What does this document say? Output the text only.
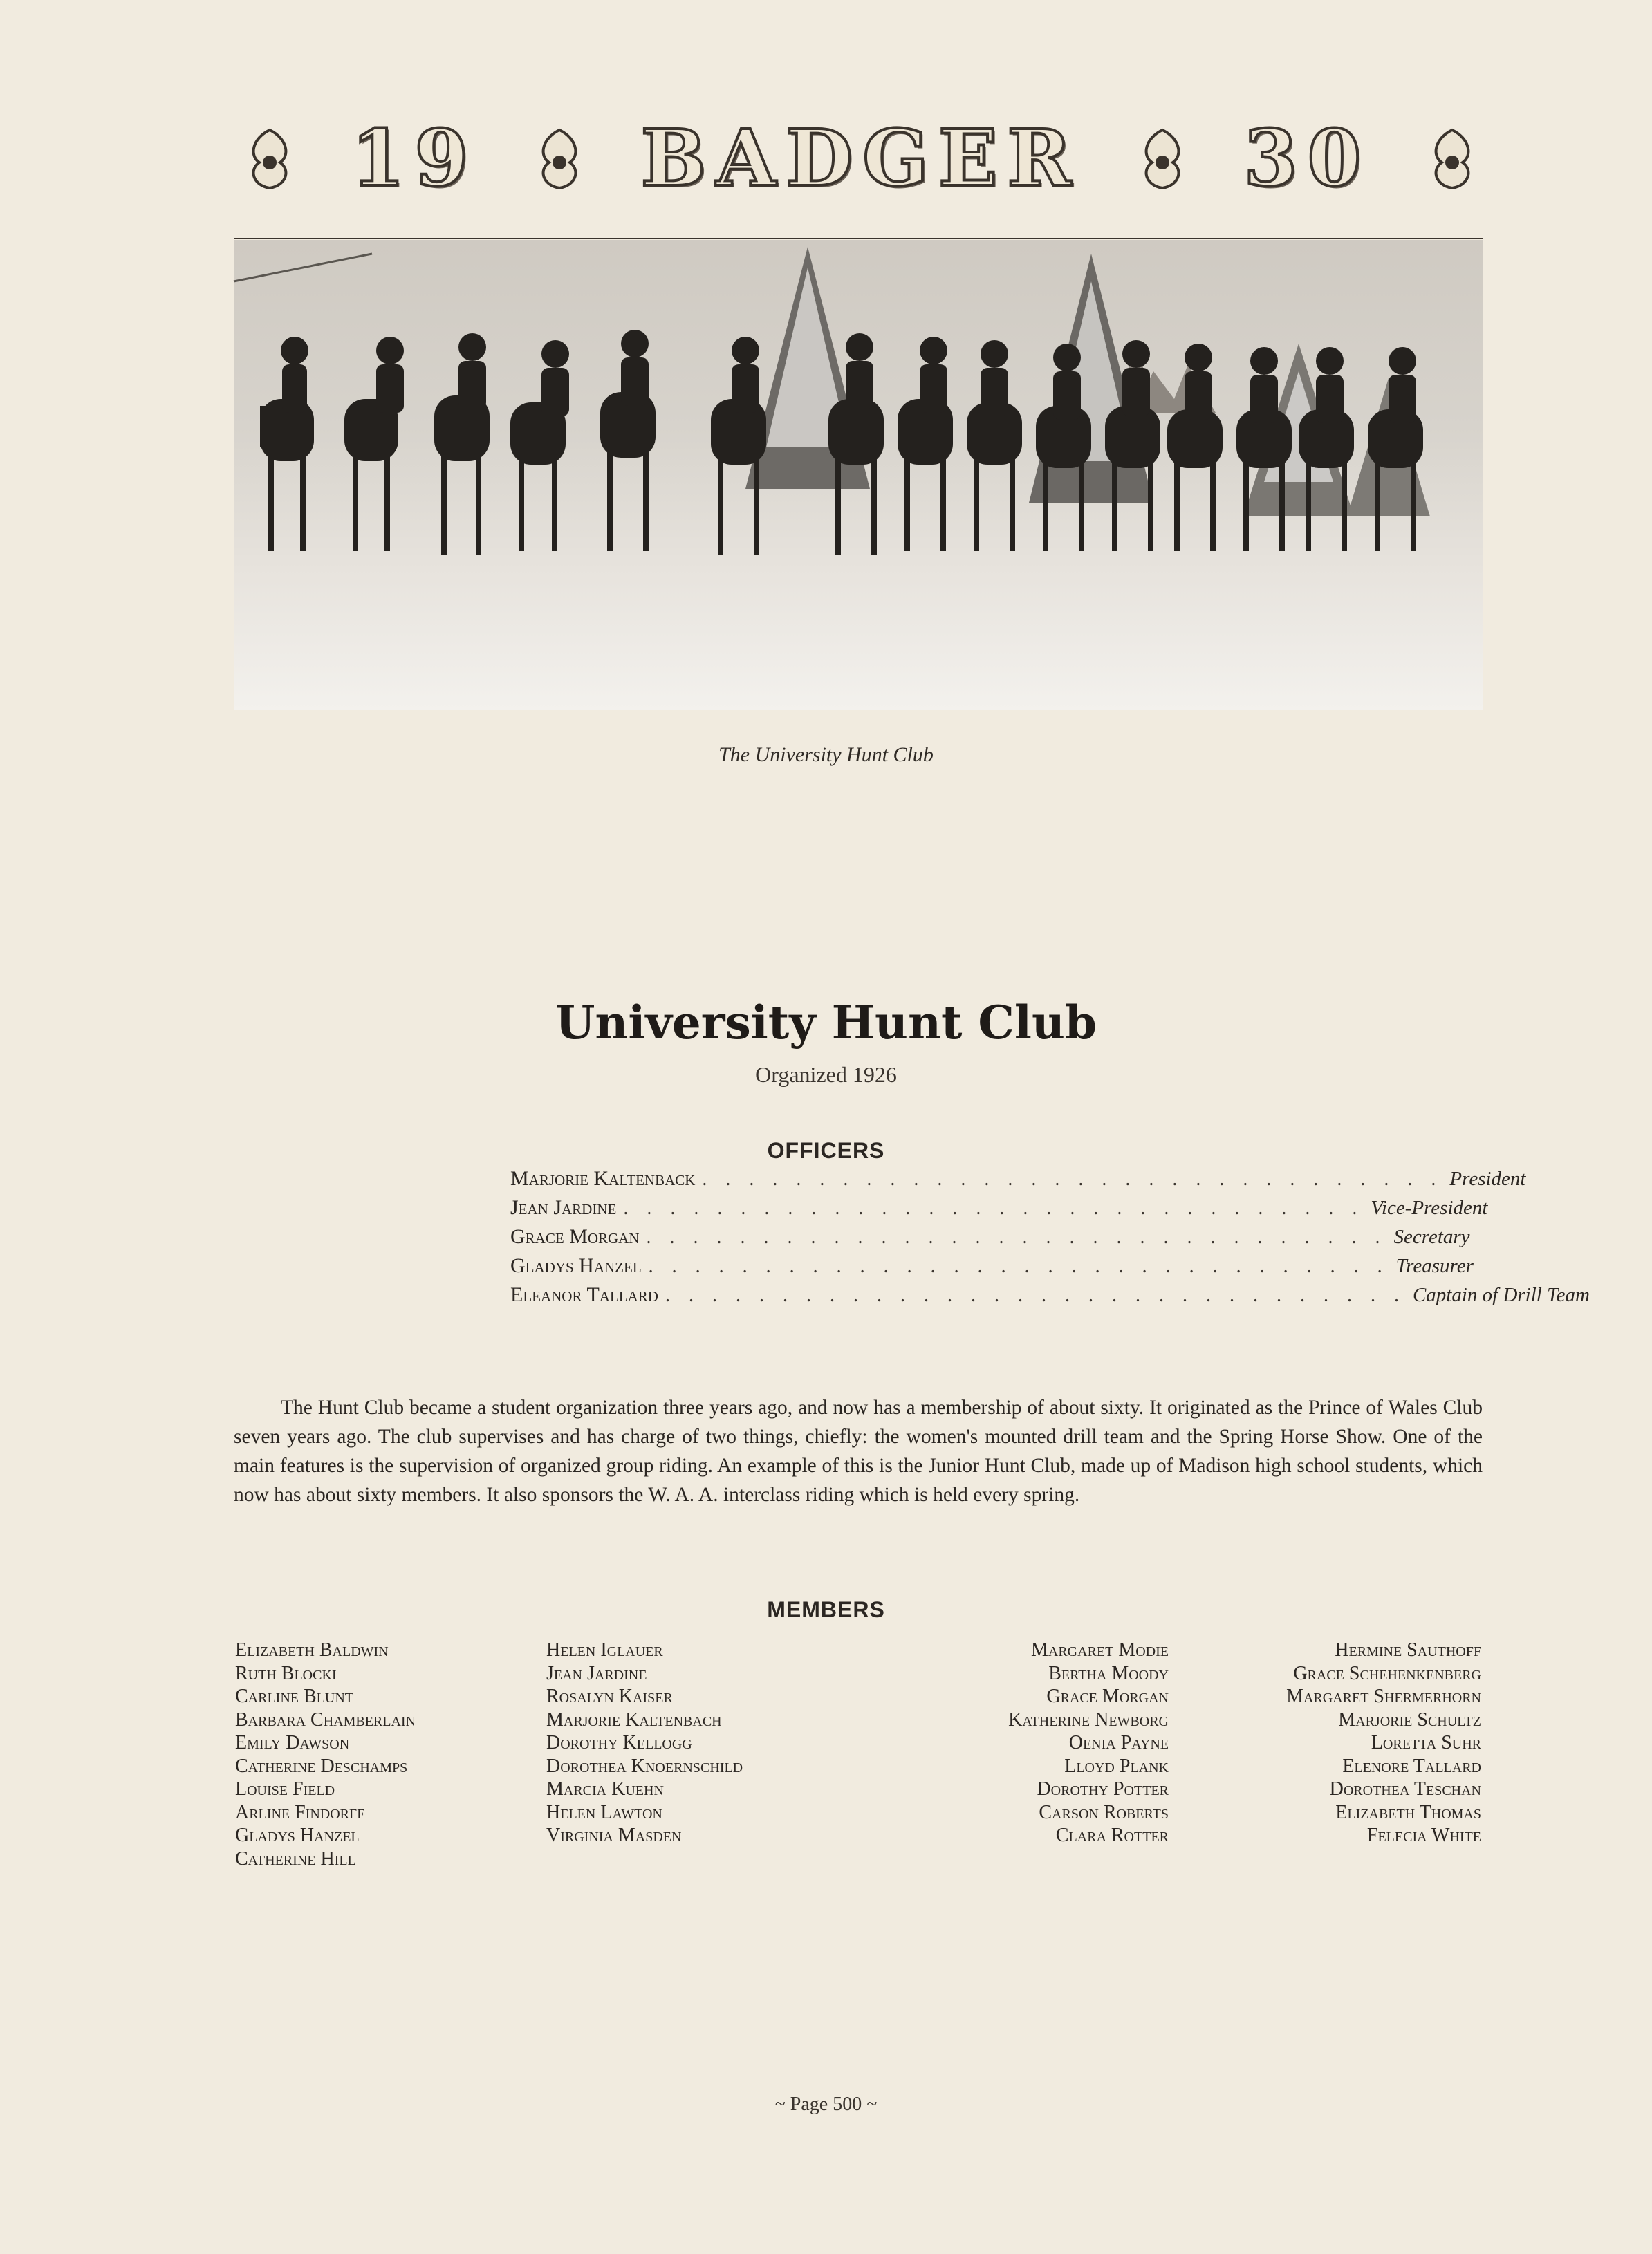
19	BADGER	30
The University Hunt Club
University Hunt Club
Organized 1926
OFFICERS
Marjorie Kaltenback . . . . . . . . . . . . . . . . . . . . . . . . . . . . . . . . President
Jean Jardine . . . . . . . . . . . . . . . . . . . . . . . . . . . . . . . . Vice-President
Grace Morgan . . . . . . . . . . . . . . . . . . . . . . . . . . . . . . . . Secretary
Gladys Hanzel . . . . . . . . . . . . . . . . . . . . . . . . . . . . . . . . Treasurer
Eleanor Tallard . . . . . . . . . . . . . . . . . . . . . . . . . . . . . . . . Captain of Drill Team

The Hunt Club became a student organization three years ago, and now has a membership of about sixty. It originated as the Prince of Wales Club seven years ago. The club supervises and has charge of two things, chiefly: the women's mounted drill team and the Spring Horse Show. One of the main features is the supervision of organized group riding. An example of this is the Junior Hunt Club, made up of Madison high school students, which now has about sixty members. It also sponsors the W. A. A. interclass riding which is held every spring.

MEMBERS
Elizabeth Baldwin
Ruth Blocki
Carline Blunt
Barbara Chamberlain
Emily Dawson
Catherine Deschamps
Louise Field
Arline Findorff
Gladys Hanzel
Catherine Hill
Helen Iglauer
Jean Jardine
Rosalyn Kaiser
Marjorie Kaltenbach
Dorothy Kellogg
Dorothea Knoernschild
Marcia Kuehn
Helen Lawton
Virginia Masden
Margaret Modie
Bertha Moody
Grace Morgan
Katherine Newborg
Oenia Payne
Lloyd Plank
Dorothy Potter
Carson Roberts
Clara Rotter
Hermine Sauthoff
Grace Schehenkenberg
Margaret Shermerhorn
Marjorie Schultz
Loretta Suhr
Elenore Tallard
Dorothea Teschan
Elizabeth Thomas
Felecia White
~ Page 500 ~
